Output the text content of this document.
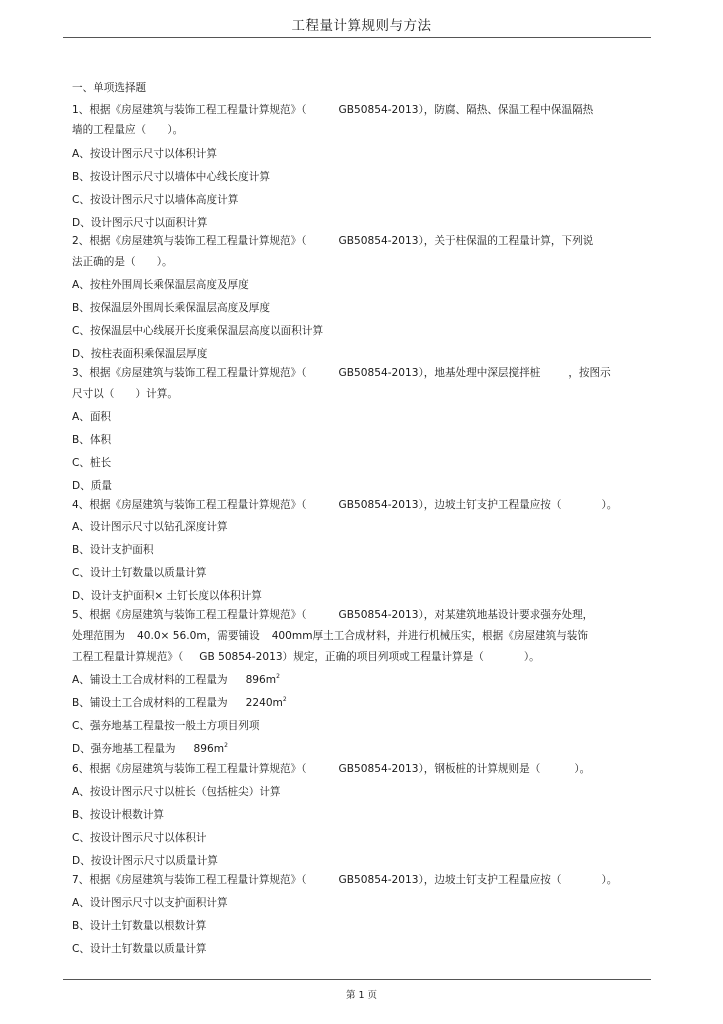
工程量计算规则与方法
一、单项选择题
1、根据《房屋建筑与装饰工程工程量计算规范》（	GB50854-2013），防腐、隔热、保温工程中保温隔热
墙的工程量应（　　）。
A、按设计图示尺寸以体积计算
B、按设计图示尺寸以墙体中心线长度计算
C、按设计图示尺寸以墙体高度计算
D、设计图示尺寸以面积计算
2、根据《房屋建筑与装饰工程工程量计算规范》（	GB50854-2013），关于柱保温的工程量计算，下列说
法正确的是（　　）。
A、按柱外围周长乘保温层高度及厚度
B、按保温层外围周长乘保温层高度及厚度
C、按保温层中心线展开长度乘保温层高度以面积计算
D、按柱表面积乘保温层厚度
3、根据《房屋建筑与装饰工程工程量计算规范》（	GB50854-2013），地基处理中深层搅拌桩	，按图示
尺寸以（　　）计算。
A、面积
B、体积
C、桩长
D、质量
4、根据《房屋建筑与装饰工程工程量计算规范》（	GB50854-2013），边坡土钉支护工程量应按（	）。
A、设计图示尺寸以钻孔深度计算
B、设计支护面积
C、设计土钉数量以质量计算
D、设计支护面积× 土钉长度以体积计算
5、根据《房屋建筑与装饰工程工程量计算规范》（	GB50854-2013），对某建筑地基设计要求强夯处理，
处理范围为 40.0× 56.0m，需要铺设 400mm厚土工合成材料，并进行机械压实，根据《房屋建筑与装饰
工程工程量计算规范》（ GB 50854-2013）规定，正确的项目列项或工程量计算是（	）。
A、铺设土工合成材料的工程量为 $896m^2$
B、铺设土工合成材料的工程量为 $2240m^2$
C、强夯地基工程量按一般土方项目列项
D、强夯地基工程量为 $896m^2$
6、根据《房屋建筑与装饰工程工程量计算规范》（	GB50854-2013），钢板桩的计算规则是（	）。
A、按设计图示尺寸以桩长（包括桩尖）计算
B、按设计根数计算
C、按设计图示尺寸以体积计
D、按设计图示尺寸以质量计算
7、根据《房屋建筑与装饰工程工程量计算规范》（	GB50854-2013），边坡土钉支护工程量应按（	）。
A、设计图示尺寸以支护面积计算
B、设计土钉数量以根数计算
C、设计土钉数量以质量计算
第 1 页
